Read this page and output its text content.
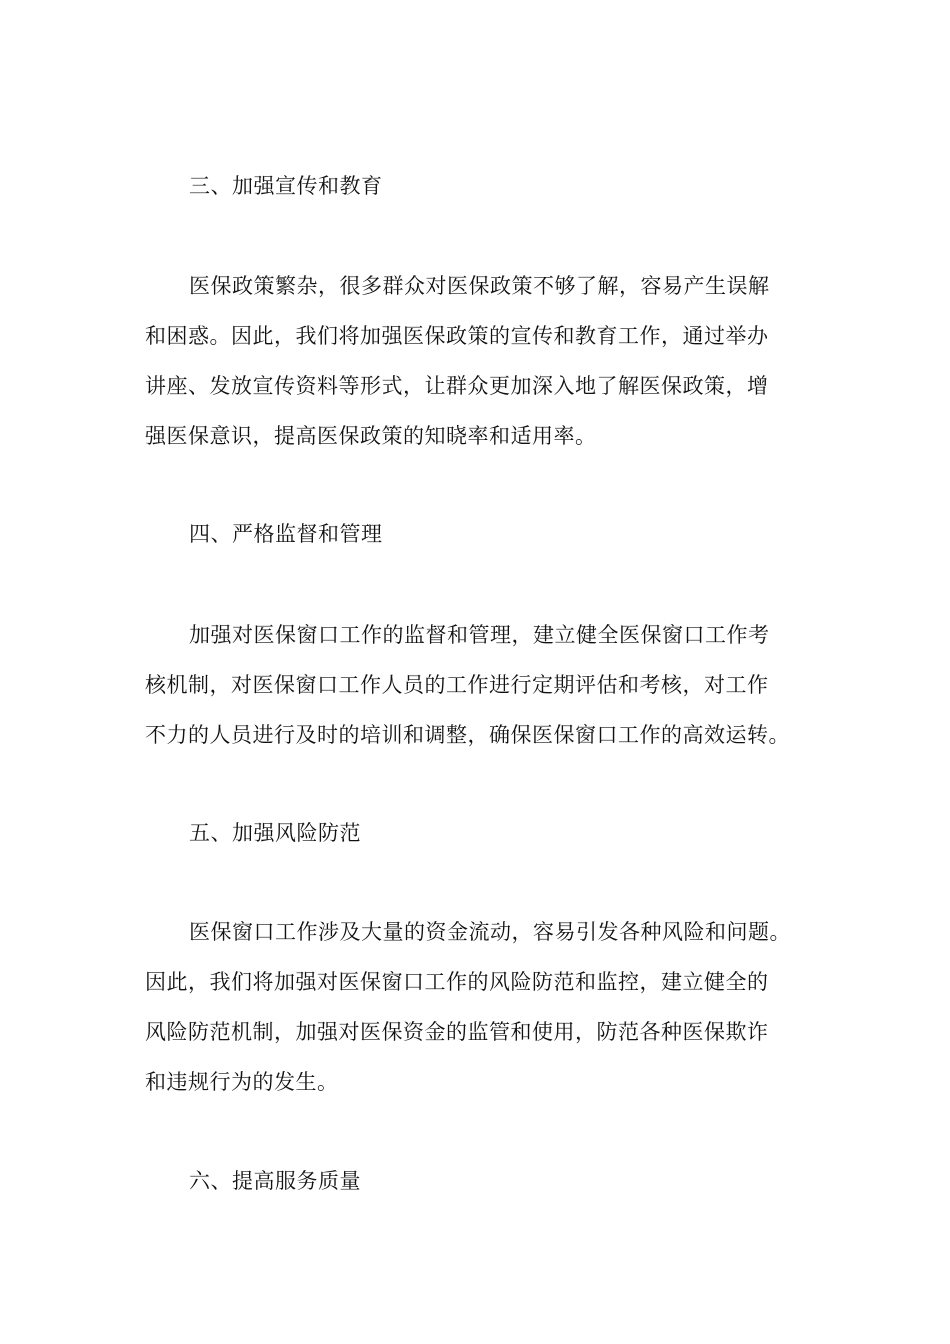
三、加强宣传和教育
医保政策繁杂，很多群众对医保政策不够了解，容易产生误解
和困惑。因此，我们将加强医保政策的宣传和教育工作，通过举办
讲座、发放宣传资料等形式，让群众更加深入地了解医保政策，增
强医保意识，提高医保政策的知晓率和适用率。
四、严格监督和管理
加强对医保窗口工作的监督和管理，建立健全医保窗口工作考
核机制，对医保窗口工作人员的工作进行定期评估和考核，对工作
不力的人员进行及时的培训和调整，确保医保窗口工作的高效运转。
五、加强风险防范
医保窗口工作涉及大量的资金流动，容易引发各种风险和问题。
因此，我们将加强对医保窗口工作的风险防范和监控，建立健全的
风险防范机制，加强对医保资金的监管和使用，防范各种医保欺诈
和违规行为的发生。
六、提高服务质量
